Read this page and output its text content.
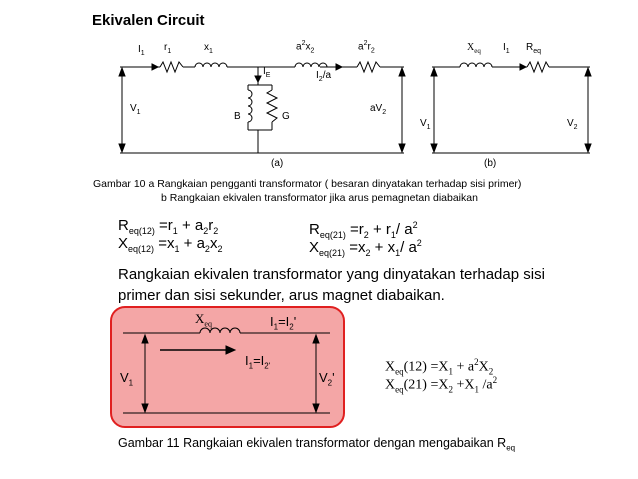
Ekivalen Circuit
$I_1$
$r_1$	$x_1$	$a^2x_2$	$a^2r_2$
$I_E$	$I_2/a$
$V_1$	B	G
$aV_2$
(a)
$X_{eq}$ $I_1$ $R_{eq}$
$V_1$	$V_2$
(b)
Gambar 10 a Rangkaian pengganti transformator ( besaran dinyatakan terhadap sisi primer)
b Rangkaian ekivalen transformator jika arus pemagnetan diabaikan
$R_{eq(12)} =r_1 + a_2r_2$
$X_{eq(12)} =x_1 + a_2x_2$
$R_{eq(21)} =r_2 + r_1/$ $a^2$
$X_{eq(21)} =x_2 + x_1/$ $a^2$
Rangkaian ekivalen transformator yang dinyatakan terhadap sisi
primer dan sisi sekunder, arus magnet diabaikan.
$X_{eq}$	$I_1=I_2'$
$I_1=I_{2'}$
$V_1$	$V_2'$
$X_{eq}(12) =X_1 + a^2X_2$
$X_{eq}(21) =X_2 +X_1$ $/a^2$
Gambar 11 Rangkaian ekivalen transformator dengan mengabaikan $R_{eq}$
